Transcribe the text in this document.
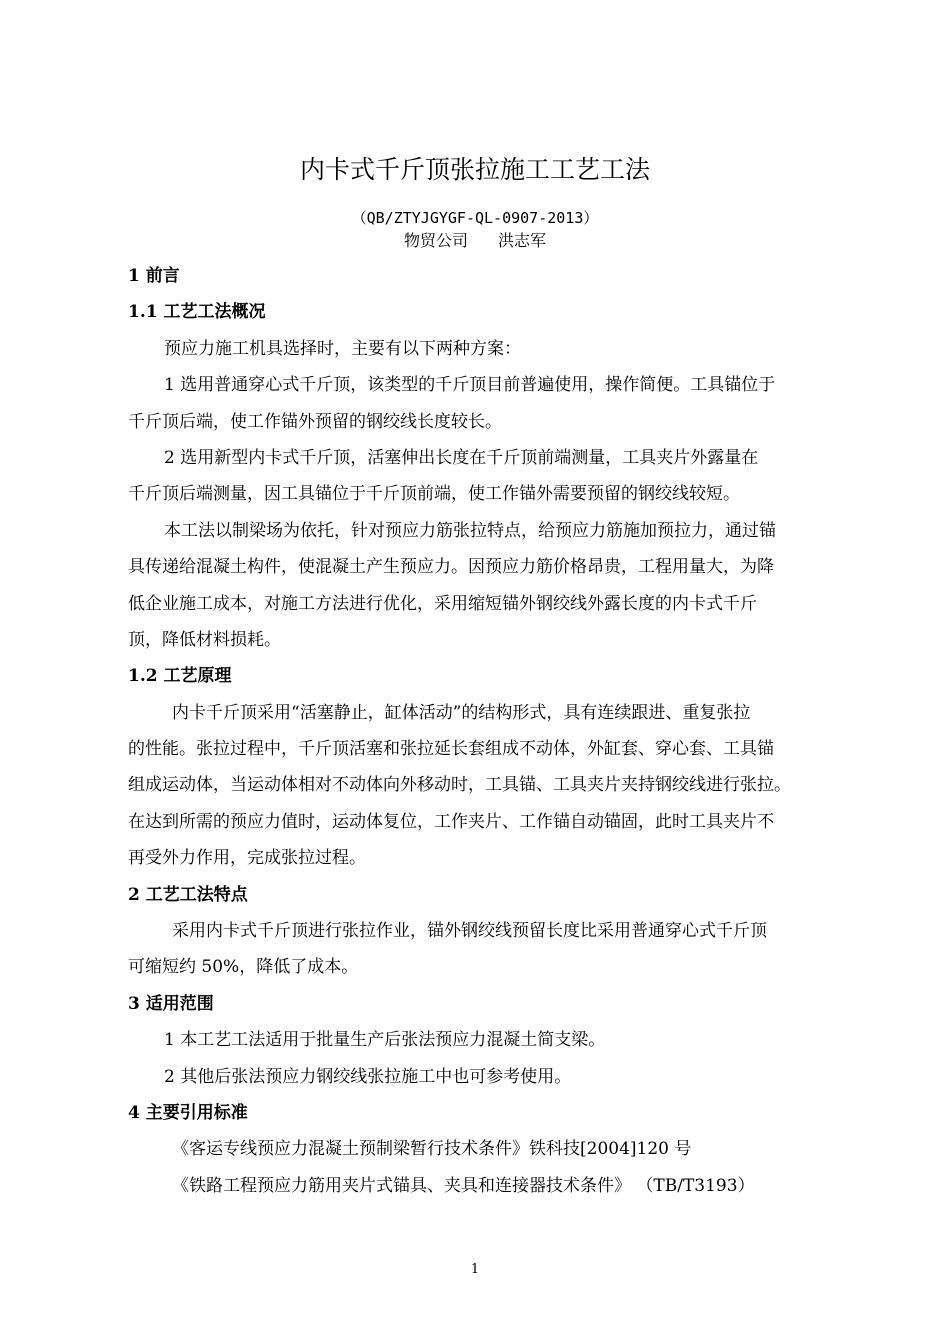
内卡式千斤顶张拉施工工艺工法
（QB/ZTYJGYGF-QL-0907-2013）
物贸公司 洪志军
1 前言
1.1 工艺工法概况
预应力施工机具选择时，主要有以下两种方案：
1 选用普通穿心式千斤顶，该类型的千斤顶目前普遍使用，操作简便。工具锚位于
千斤顶后端，使工作锚外预留的钢绞线长度较长。
2 选用新型内卡式千斤顶，活塞伸出长度在千斤顶前端测量，工具夹片外露量在
千斤顶后端测量，因工具锚位于千斤顶前端，使工作锚外需要预留的钢绞线较短。
本工法以制梁场为依托，针对预应力筋张拉特点，给预应力筋施加预拉力，通过锚
具传递给混凝土构件，使混凝土产生预应力。因预应力筋价格昂贵，工程用量大，为降
低企业施工成本，对施工方法进行优化，采用缩短锚外钢绞线外露长度的内卡式千斤
顶，降低材料损耗。
1.2 工艺原理
内卡千斤顶采用“活塞静止，缸体活动”的结构形式，具有连续跟进、重复张拉
的性能。张拉过程中，千斤顶活塞和张拉延长套组成不动体，外缸套、穿心套、工具锚
组成运动体，当运动体相对不动体向外移动时，工具锚、工具夹片夹持钢绞线进行张拉。
在达到所需的预应力值时，运动体复位，工作夹片、工作锚自动锚固，此时工具夹片不
再受外力作用，完成张拉过程。
2 工艺工法特点
采用内卡式千斤顶进行张拉作业，锚外钢绞线预留长度比采用普通穿心式千斤顶
可缩短约 50%，降低了成本。
3 适用范围
1 本工艺工法适用于批量生产后张法预应力混凝土简支梁。
2 其他后张法预应力钢绞线张拉施工中也可参考使用。
4 主要引用标准
《客运专线预应力混凝土预制梁暂行技术条件》铁科技[2004]120 号
《铁路工程预应力筋用夹片式锚具、夹具和连接器技术条件》 （TB/T3193）
1
